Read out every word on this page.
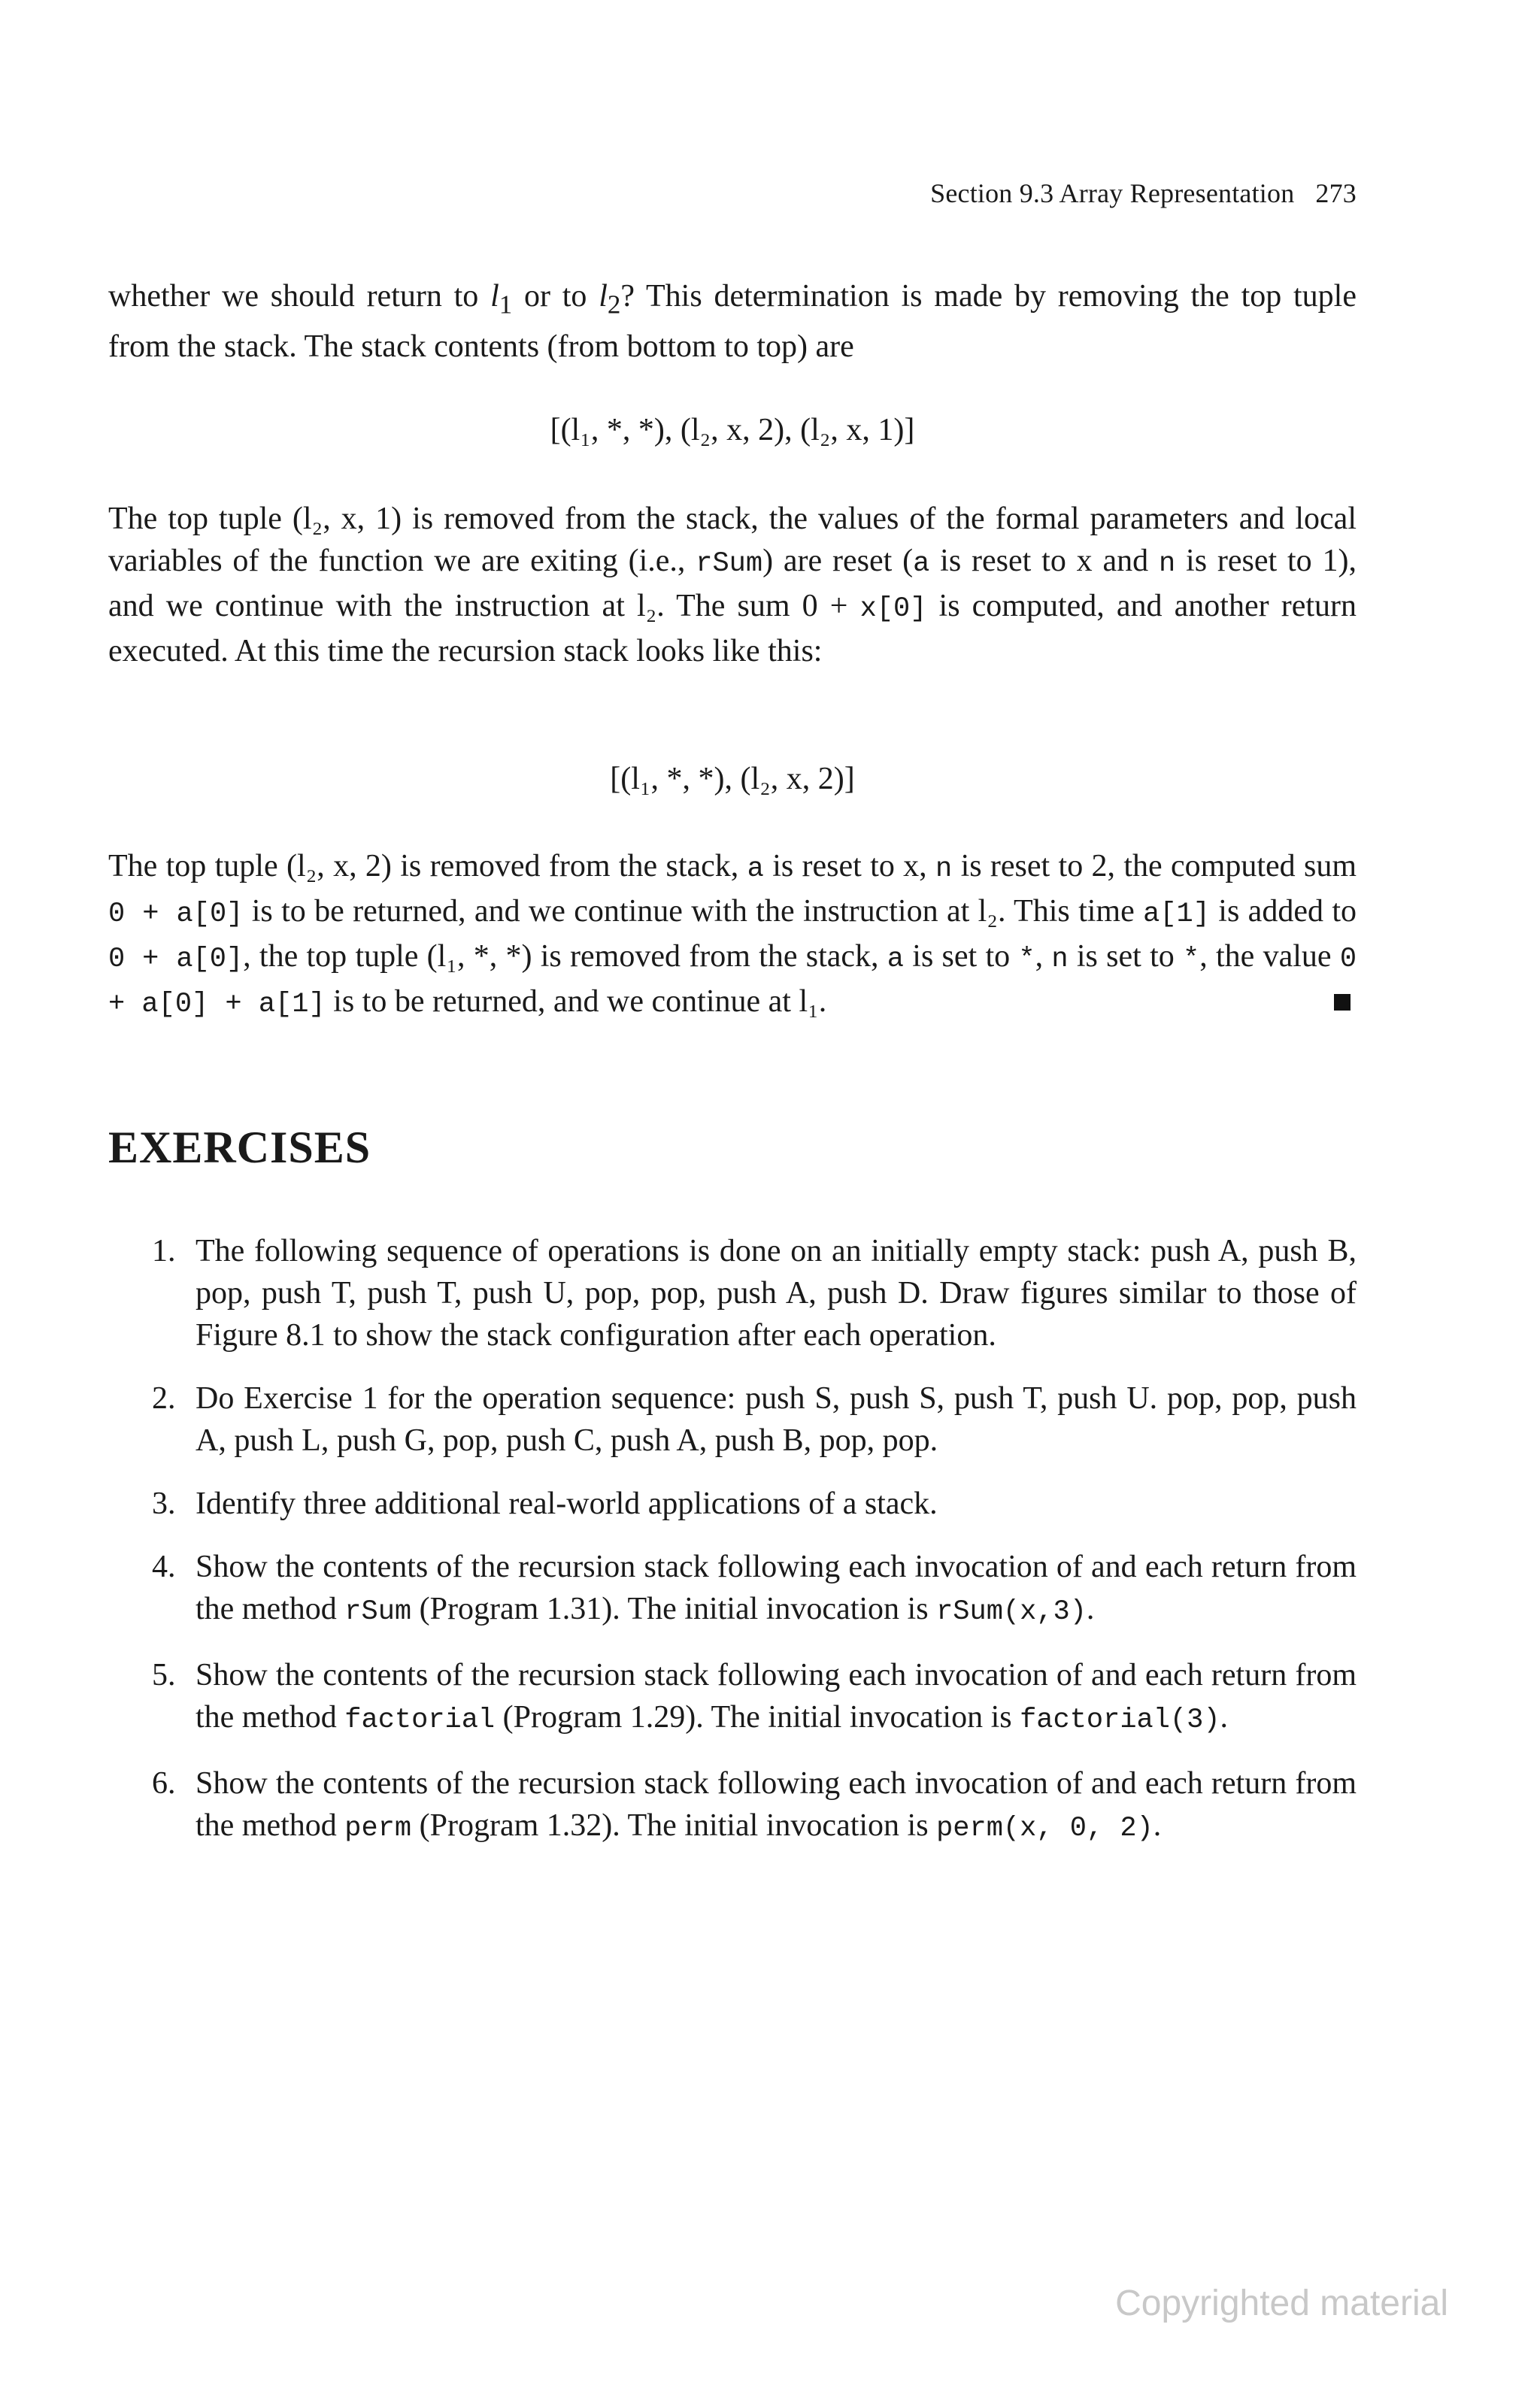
Section 9.3 Array Representation 273

whether we should return to $l_1$ or to $l_2$? This determination is made by removing the top tuple from the stack. The stack contents (from bottom to top) are

[(l₁, *, *), (l₂, x, 2), (l₂, x, 1)]

The top tuple (l₂, x, 1) is removed from the stack, the values of the formal parameters and local variables of the function we are exiting (i.e., rSum) are reset (a is reset to x and n is reset to 1), and we continue with the instruction at l₂. The sum 0 + x[0] is computed, and another return executed. At this time the recursion stack looks like this:

[(l₁, *, *), (l₂, x, 2)]

The top tuple (l₂, x, 2) is removed from the stack, a is reset to x, n is reset to 2, the computed sum 0 + a[0] is to be returned, and we continue with the instruction at l₂. This time a[1] is added to 0 + a[0], the top tuple (l₁, *, *) is removed from the stack, a is set to *, n is set to *, the value 0 + a[0] + a[1] is to be returned, and we continue at l₁.

EXERCISES
1. The following sequence of operations is done on an initially empty stack: push A, push B, pop, push T, push T, push U, pop, pop, push A, push D. Draw figures similar to those of Figure 8.1 to show the stack configuration after each operation.
2. Do Exercise 1 for the operation sequence: push S, push S, push T, push U. pop, pop, push A, push L, push G, pop, push C, push A, push B, pop, pop.
3. Identify three additional real-world applications of a stack.
4. Show the contents of the recursion stack following each invocation of and each return from the method rSum (Program 1.31). The initial invocation is rSum(x,3).
5. Show the contents of the recursion stack following each invocation of and each return from the method factorial (Program 1.29). The initial invocation is factorial(3).
6. Show the contents of the recursion stack following each invocation of and each return from the method perm (Program 1.32). The initial invocation is perm(x, 0, 2).
Copyrighted material
